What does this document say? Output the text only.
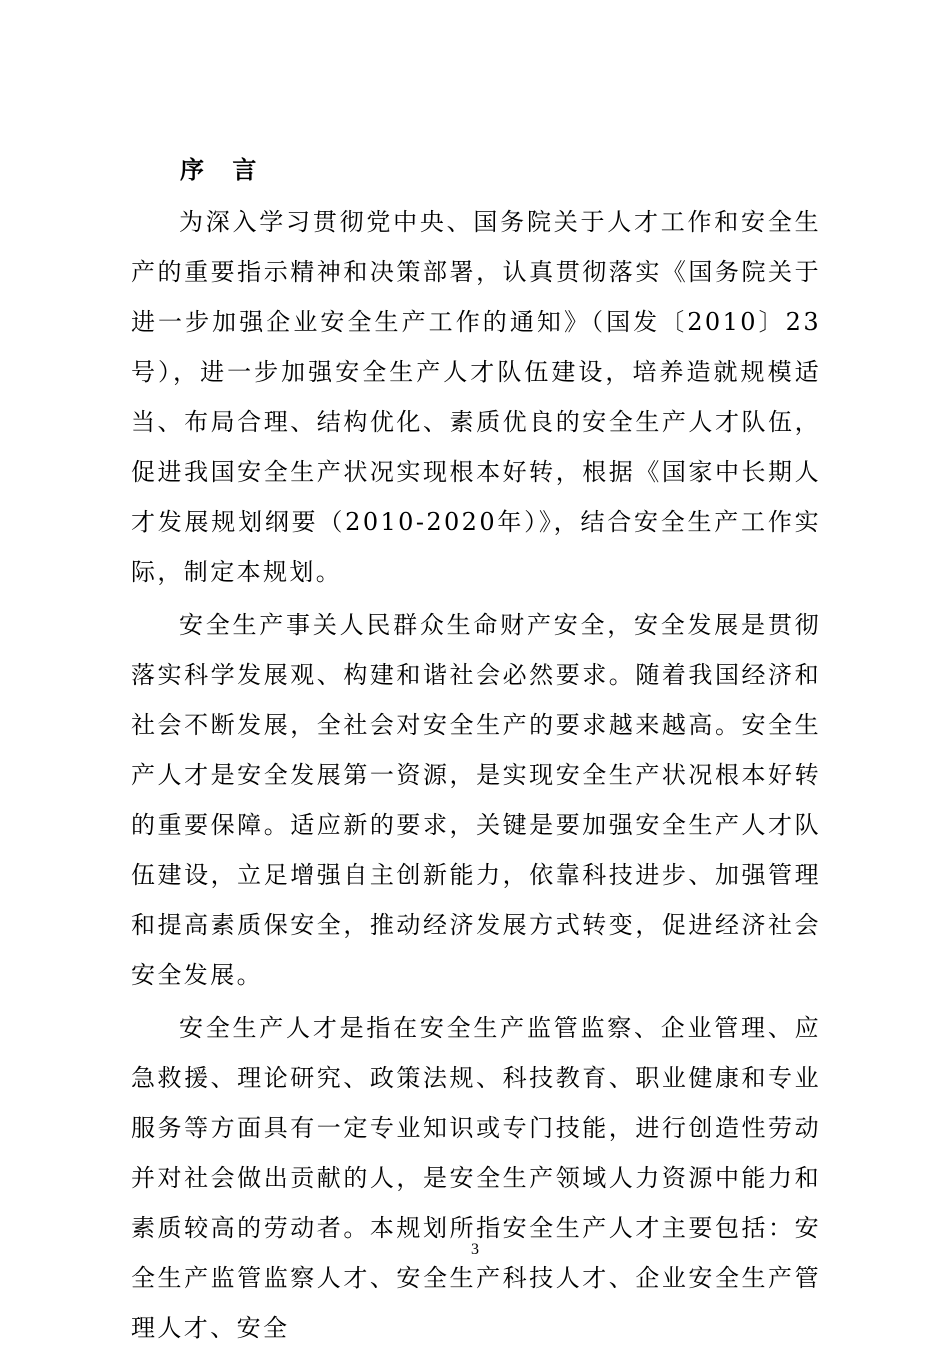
序 言

为深入学习贯彻党中央、国务院关于人才工作和安全生产的重要指示精神和决策部署，认真贯彻落实《国务院关于进一步加强企业安全生产工作的通知》（国发〔2010〕23号），进一步加强安全生产人才队伍建设，培养造就规模适当、布局合理、结构优化、素质优良的安全生产人才队伍，促进我国安全生产状况实现根本好转，根据《国家中长期人才发展规划纲要（2010-2020年）》，结合安全生产工作实际，制定本规划。

安全生产事关人民群众生命财产安全，安全发展是贯彻落实科学发展观、构建和谐社会必然要求。随着我国经济和社会不断发展，全社会对安全生产的要求越来越高。安全生产人才是安全发展第一资源，是实现安全生产状况根本好转的重要保障。适应新的要求，关键是要加强安全生产人才队伍建设，立足增强自主创新能力，依靠科技进步、加强管理和提高素质保安全，推动经济发展方式转变，促进经济社会安全发展。

安全生产人才是指在安全生产监管监察、企业管理、应急救援、理论研究、政策法规、科技教育、职业健康和专业服务等方面具有一定专业知识或专门技能，进行创造性劳动并对社会做出贡献的人，是安全生产领域人力资源中能力和素质较高的劳动者。本规划所指安全生产人才主要包括：安全生产监管监察人才、安全生产科技人才、企业安全生产管理人才、安全

3
